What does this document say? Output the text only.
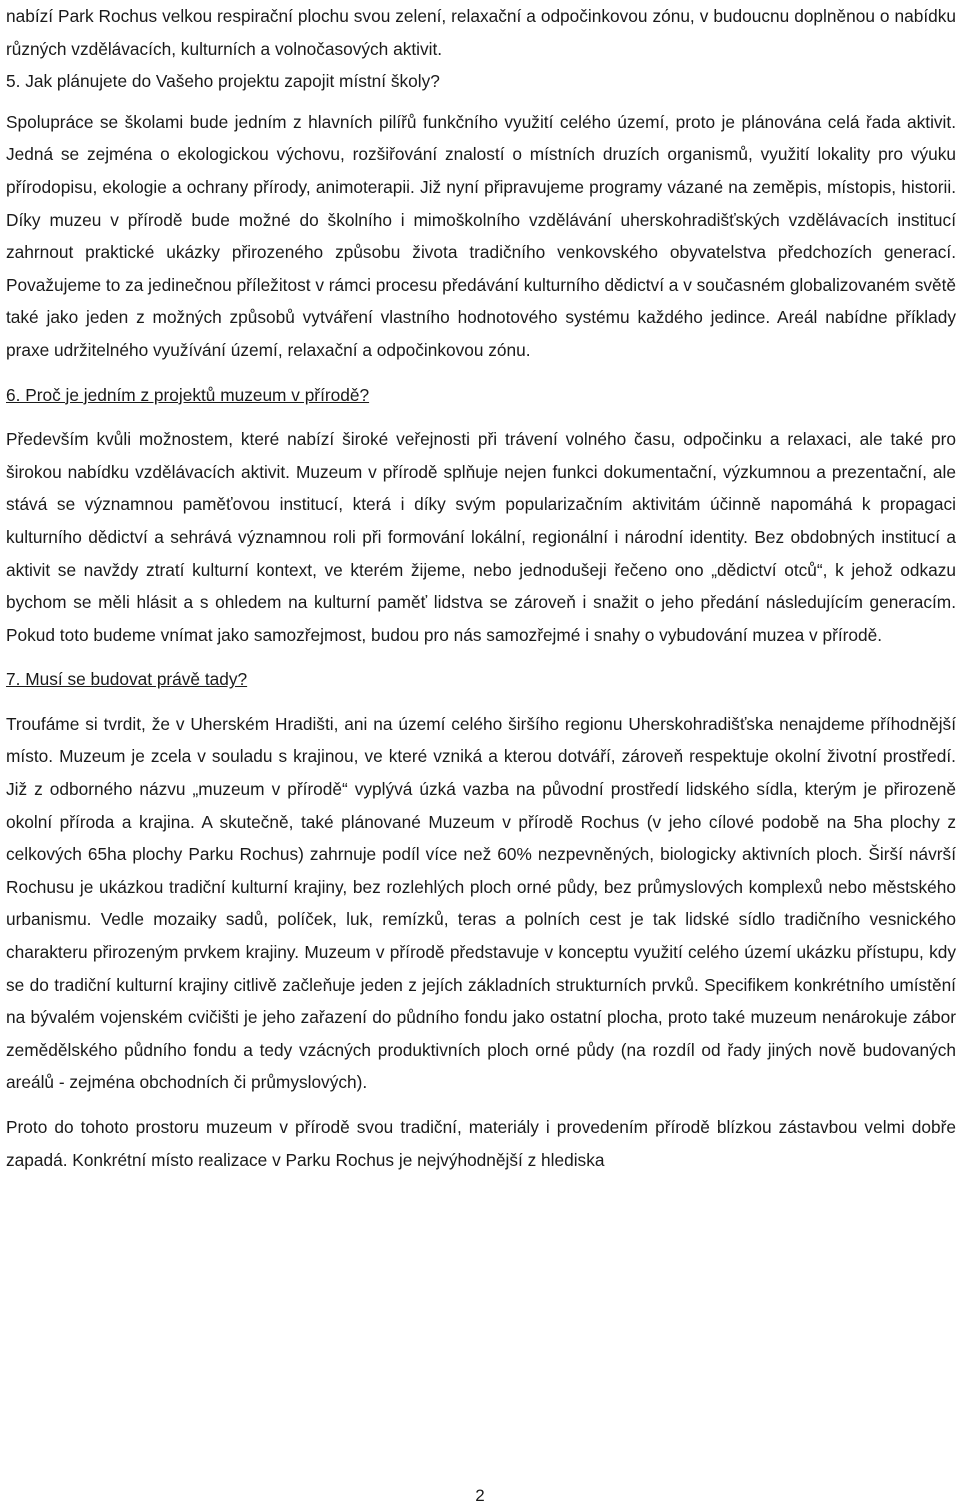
nabízí Park Rochus velkou respirační plochu svou zelení, relaxační a odpočinkovou zónu, v budoucnu doplněnou o nabídku různých vzdělávacích, kulturních a volnočasových aktivit.

5. Jak plánujete do Vašeho projektu zapojit místní školy?

Spolupráce se školami bude jedním z hlavních pilířů funkčního využití celého území, proto je plánována celá řada aktivit. Jedná se zejména o ekologickou výchovu, rozšiřování znalostí o místních druzích organismů, využití lokality pro výuku přírodopisu, ekologie a ochrany přírody, animoterapii. Již nyní připravujeme programy vázané na zeměpis, místopis, historii. Díky muzeu v přírodě bude možné do školního i mimoškolního vzdělávání uherskohradišťských vzdělávacích institucí zahrnout praktické ukázky přirozeného způsobu života tradičního venkovského obyvatelstva předchozích generací. Považujeme to za jedinečnou příležitost v rámci procesu předávání kulturního dědictví a v současném globalizovaném světě také jako jeden z možných způsobů vytváření vlastního hodnotového systému každého jedince. Areál nabídne příklady praxe udržitelného využívání území, relaxační a odpočinkovou zónu.

6. Proč je jedním z projektů muzeum v přírodě?

Především kvůli možnostem, které nabízí široké veřejnosti při trávení volného času, odpočinku a relaxaci, ale také pro širokou nabídku vzdělávacích aktivit. Muzeum v přírodě splňuje nejen funkci dokumentační, výzkumnou a prezentační, ale stává se významnou paměťovou institucí, která i díky svým popularizačním aktivitám účinně napomáhá k propagaci kulturního dědictví a sehrává významnou roli při formování lokální, regionální i národní identity. Bez obdobných institucí a aktivit se navždy ztratí kulturní kontext, ve kterém žijeme, nebo jednodušeji řečeno ono „dědictví otců“, k jehož odkazu bychom se měli hlásit a s ohledem na kulturní paměť lidstva se zároveň i snažit o jeho předání následujícím generacím. Pokud toto budeme vnímat jako samozřejmost, budou pro nás samozřejmé i snahy o vybudování muzea v přírodě.

7. Musí se budovat právě tady?

Troufáme si tvrdit, že v Uherském Hradišti, ani na území celého širšího regionu Uherskohradišťska nenajdeme příhodnější místo. Muzeum je zcela v souladu s krajinou, ve které vzniká a kterou dotváří, zároveň respektuje okolní životní prostředí. Již z odborného názvu „muzeum v přírodě“ vyplývá úzká vazba na původní prostředí lidského sídla, kterým je přirozeně okolní příroda a krajina. A skutečně, také plánované Muzeum v přírodě Rochus (v jeho cílové podobě na 5ha plochy z celkových 65ha plochy Parku Rochus) zahrnuje podíl více než 60% nezpevněných, biologicky aktivních ploch. Širší návrší Rochusu je ukázkou tradiční kulturní krajiny, bez rozlehlých ploch orné půdy, bez průmyslových komplexů nebo městského urbanismu. Vedle mozaiky sadů, políček, luk, remízků, teras a polních cest je tak lidské sídlo tradičního vesnického charakteru přirozeným prvkem krajiny. Muzeum v přírodě představuje v konceptu využití celého území ukázku přístupu, kdy se do tradiční kulturní krajiny citlivě začleňuje jeden z jejích základních strukturních prvků. Specifikem konkrétního umístění na bývalém vojenském cvičišti je jeho zařazení do půdního fondu jako ostatní plocha, proto také muzeum nenárokuje zábor zemědělského půdního fondu a tedy vzácných produktivních ploch orné půdy (na rozdíl od řady jiných nově budovaných areálů - zejména obchodních či průmyslových).

Proto do tohoto prostoru muzeum v přírodě svou tradiční, materiály i provedením přírodě blízkou zástavbou velmi dobře zapadá. Konkrétní místo realizace v Parku Rochus je nejvýhodnější z hlediska

2
